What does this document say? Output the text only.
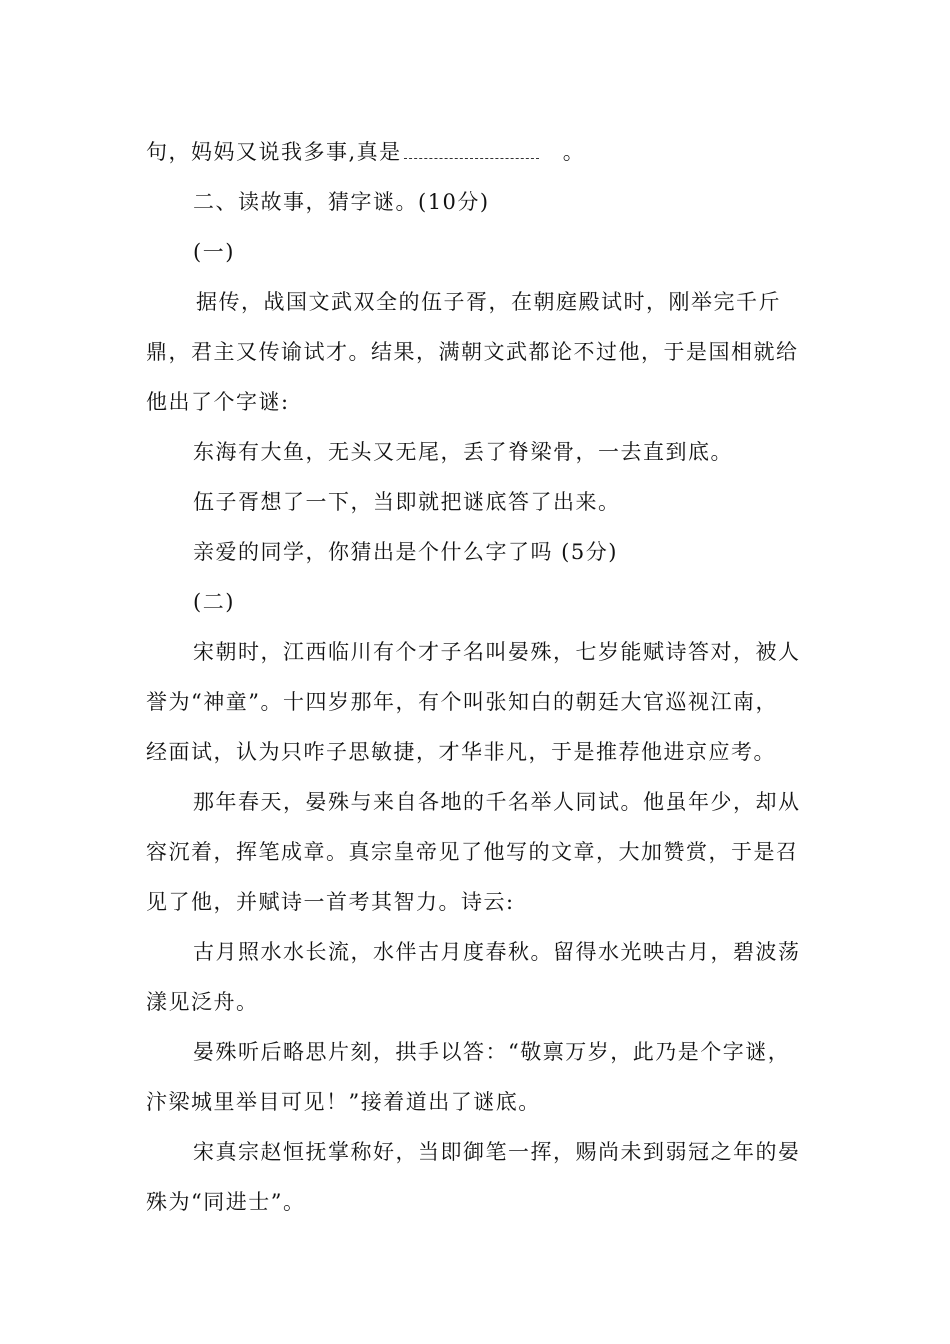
句，妈妈又说我多事,真是	。
二、读故事，猜字谜。(10分)
(一)
据传，战国文武双全的伍子胥，在朝庭殿试时，刚举完千斤
鼎，君主又传谕试才。结果，满朝文武都论不过他，于是国相就给
他出了个字谜:
东海有大鱼，无头又无尾，丢了脊梁骨，一去直到底。
伍子胥想了一下，当即就把谜底答了出来。
亲爱的同学，你猜出是个什么字了吗 (5分)
(二)
宋朝时，江西临川有个才子名叫晏殊，七岁能赋诗答对，被人
誉为“神童”。十四岁那年，有个叫张知白的朝廷大官巡视江南，
经面试，认为只咋子思敏捷，才华非凡，于是推荐他进京应考。
那年春天，晏殊与来自各地的千名举人同试。他虽年少，却从
容沉着，挥笔成章。真宗皇帝见了他写的文章，大加赞赏，于是召
见了他，并赋诗一首考其智力。诗云:
古月照水水长流，水伴古月度春秋。留得水光映古月，碧波荡
漾见泛舟。
晏殊听后略思片刻，拱手以答：“敬禀万岁，此乃是个字谜，
汴梁城里举目可见！”接着道出了谜底。
宋真宗赵恒抚掌称好，当即御笔一挥，赐尚未到弱冠之年的晏
殊为“同进士”。
